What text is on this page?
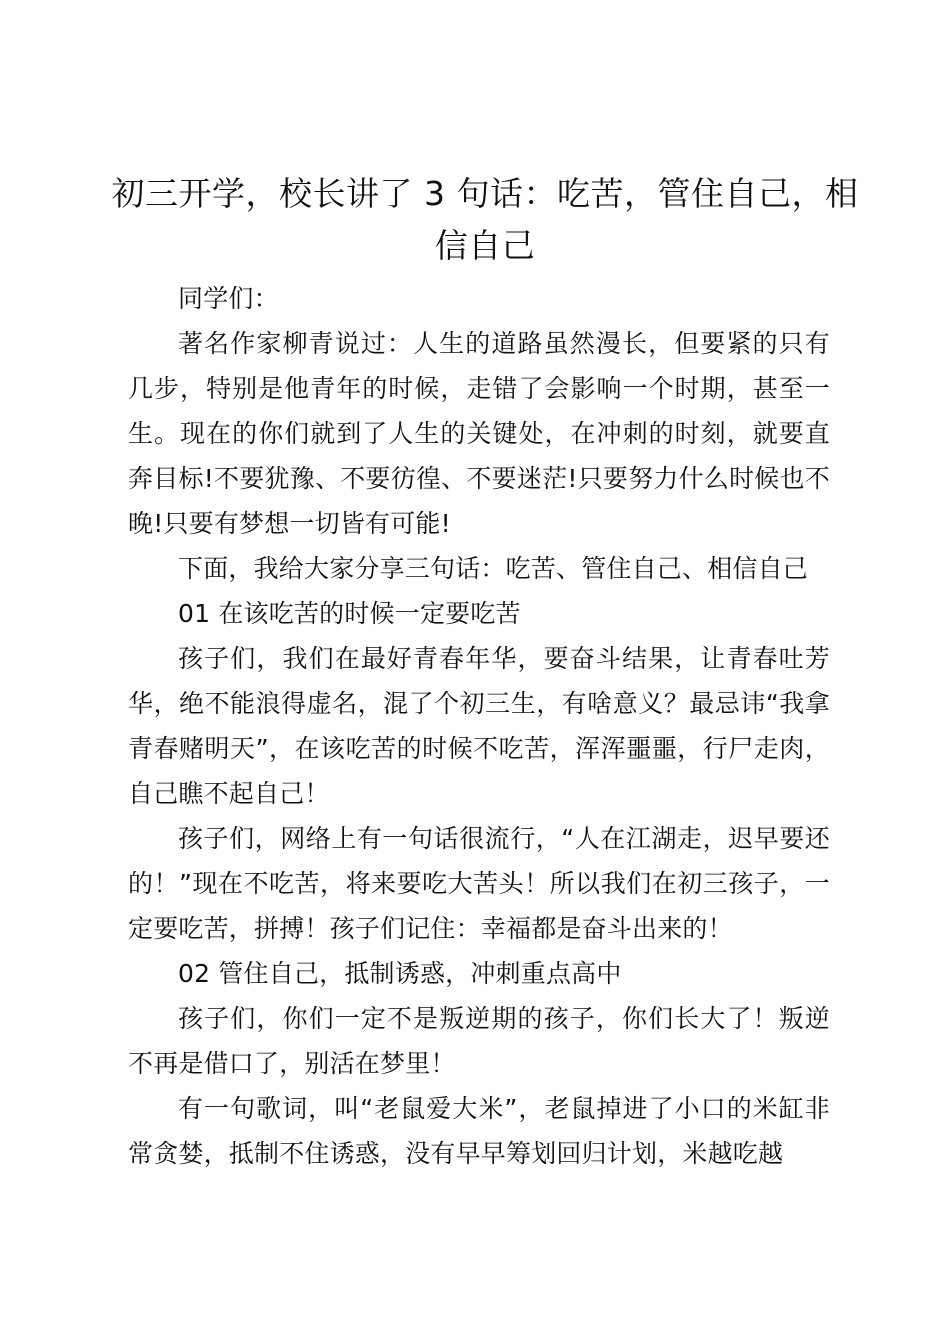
初三开学，校长讲了 3 句话：吃苦，管住自己，相信自己

同学们：

著名作家柳青说过：人生的道路虽然漫长，但要紧的只有几步，特别是他青年的时候，走错了会影响一个时期，甚至一生。现在的你们就到了人生的关键处，在冲刺的时刻，就要直奔目标!不要犹豫、不要彷徨、不要迷茫!只要努力什么时候也不晚!只要有梦想一切皆有可能!

下面，我给大家分享三句话：吃苦、管住自己、相信自己

01 在该吃苦的时候一定要吃苦

孩子们，我们在最好青春年华，要奋斗结果，让青春吐芳华，绝不能浪得虚名，混了个初三生，有啥意义？最忌讳“我拿青春赌明天”，在该吃苦的时候不吃苦，浑浑噩噩，行尸走肉，自己瞧不起自己！

孩子们，网络上有一句话很流行，“人在江湖走，迟早要还的！”现在不吃苦，将来要吃大苦头！所以我们在初三孩子，一定要吃苦，拼搏！孩子们记住：幸福都是奋斗出来的！

02 管住自己，抵制诱惑，冲刺重点高中

孩子们，你们一定不是叛逆期的孩子，你们长大了！叛逆不再是借口了，别活在梦里！

有一句歌词，叫“老鼠爱大米”，老鼠掉进了小口的米缸非常贪婪，抵制不住诱惑，没有早早筹划回归计划，米越吃越
